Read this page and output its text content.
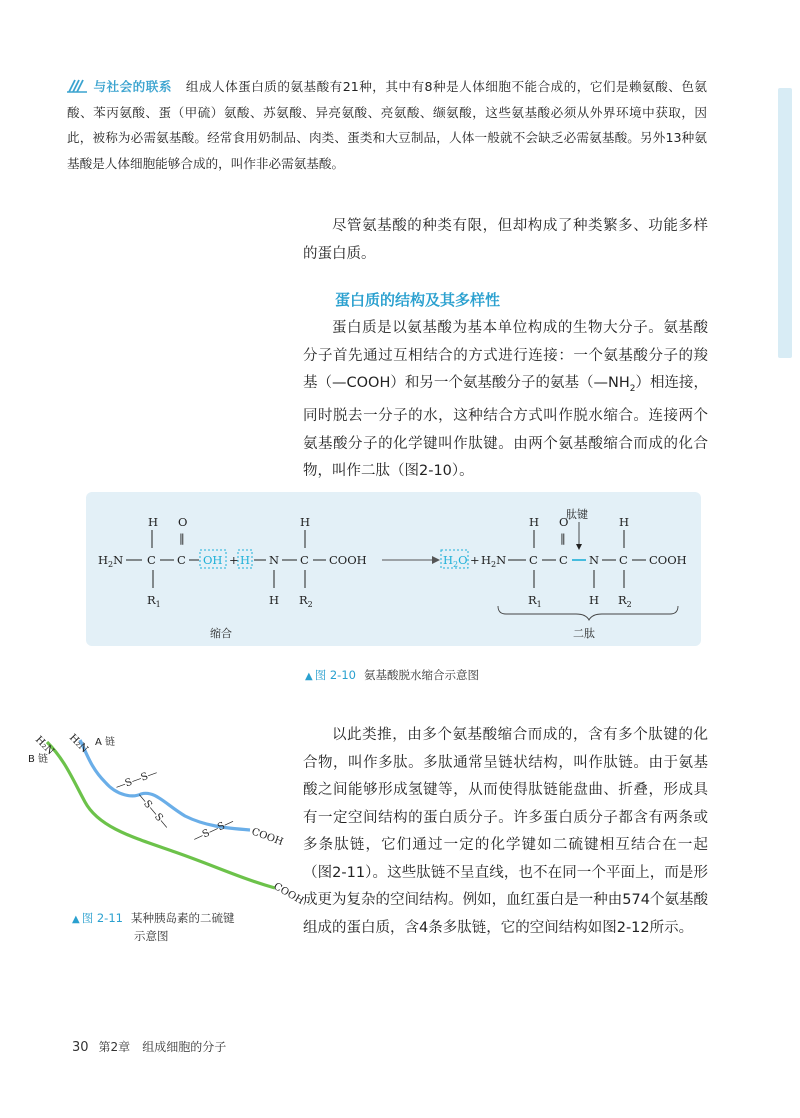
与社会的联系 组成人体蛋白质的氨基酸有21种，其中有8种是人体细胞不能合成的，它们是赖氨酸、色氨酸、苯丙氨酸、蛋（甲硫）氨酸、苏氨酸、异亮氨酸、亮氨酸、缬氨酸，这些氨基酸必须从外界环境中获取，因此，被称为必需氨基酸。经常食用奶制品、肉类、蛋类和大豆制品，人体一般就不会缺乏必需氨基酸。另外13种氨基酸是人体细胞能够合成的，叫作非必需氨基酸。

尽管氨基酸的种类有限，但却构成了种类繁多、功能多样的蛋白质。

蛋白质的结构及其多样性

蛋白质是以氨基酸为基本单位构成的生物大分子。氨基酸分子首先通过互相结合的方式进行连接：一个氨基酸分子的羧基（—COOH）和另一个氨基酸分子的氨基$(—NH_2)$相连接，同时脱去一分子的水，这种结合方式叫作脱水缩合。连接两个氨基酸分子的化学键叫作肽键。由两个氨基酸缩合而成的化合物，叫作二肽（图2-10）。

H O
‖
$H_2N$ C C OH + H
$R_1$
N
H
H
C COOH
$R_2$
$H_2O + H_2N$
H
C
$R_1$
O
‖
C
肽键
N
H
H
C
$R_2$
COOH
缩合	二肽
▲ 图 2-10 氨基酸脱水缩合示意图
—S—S—
—S—S— —S—S—
H₂N H₂N A 链
B 链
COOH
COOH
▲ 图 2-11 某种胰岛素的二硫键
示意图

以此类推，由多个氨基酸缩合而成的，含有多个肽键的化合物，叫作多肽。多肽通常呈链状结构，叫作肽链。由于氨基酸之间能够形成氢键等，从而使得肽链能盘曲、折叠，形成具有一定空间结构的蛋白质分子。许多蛋白质分子都含有两条或多条肽链，它们通过一定的化学键如二硫键相互结合在一起（图2-11）。这些肽链不呈直线，也不在同一个平面上，而是形成更为复杂的空间结构。例如，血红蛋白是一种由574个氨基酸组成的蛋白质，含4条多肽链，它的空间结构如图2-12所示。

30 第2章 组成细胞的分子
